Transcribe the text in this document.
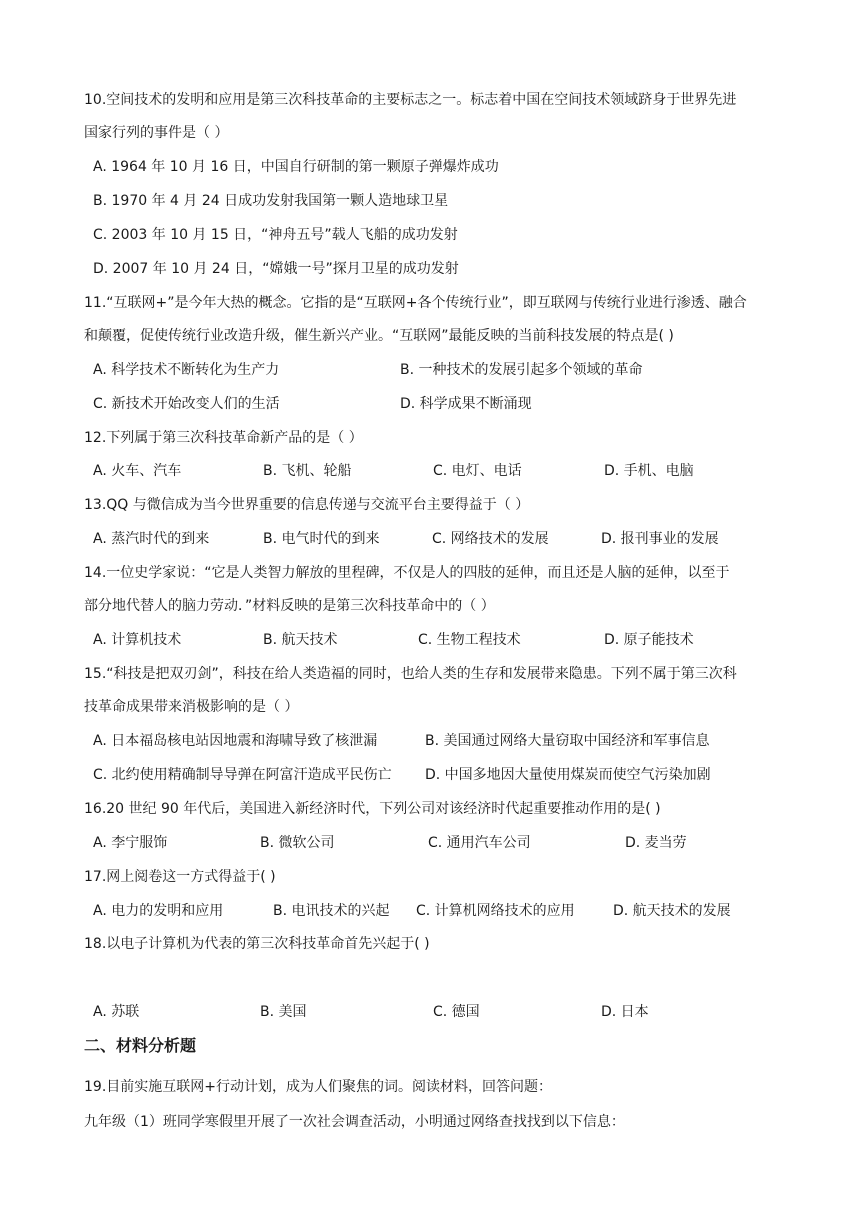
10.空间技术的发明和应用是第三次科技革命的主要标志之一。标志着中国在空间技术领域跻身于世界先进
国家行列的事件是（ ）
A. 1964 年 10 月 16 日，中国自行研制的第一颗原子弹爆炸成功
B. 1970 年 4 月 24 日成功发射我国第一颗人造地球卫星
C. 2003 年 10 月 15 日，“神舟五号”载人飞船的成功发射
D. 2007 年 10 月 24 日，“嫦娥一号”探月卫星的成功发射
11.“互联网+”是今年大热的概念。它指的是“互联网+各个传统行业”，即互联网与传统行业进行渗透、融合
和颠覆，促使传统行业改造升级，催生新兴产业。“互联网”最能反映的当前科技发展的特点是( )
A. 科学技术不断转化为生产力	B. 一种技术的发展引起多个领域的革命
C. 新技术开始改变人们的生活	D. 科学成果不断涌现
12.下列属于第三次科技革命新产品的是（ ）
A. 火车、汽车	B. 飞机、轮船	C. 电灯、电话	D. 手机、电脑
13.QQ 与微信成为当今世界重要的信息传递与交流平台主要得益于（ ）
A. 蒸汽时代的到来	B. 电气时代的到来	C. 网络技术的发展	D. 报刊事业的发展
14.一位史学家说：“它是人类智力解放的里程碑，不仅是人的四肢的延伸，而且还是人脑的延伸，以至于
部分地代替人的脑力劳动．”材料反映的是第三次科技革命中的（ ）
A. 计算机技术	B. 航天技术	C. 生物工程技术	D. 原子能技术
15.“科技是把双刃剑”，科技在给人类造福的同时，也给人类的生存和发展带来隐患。下列不属于第三次科
技革命成果带来消极影响的是（ ）
A. 日本福岛核电站因地震和海啸导致了核泄漏	B. 美国通过网络大量窃取中国经济和军事信息
C. 北约使用精确制导导弹在阿富汗造成平民伤亡 D. 中国多地因大量使用煤炭而使空气污染加剧
16.20 世纪 90 年代后，美国进入新经济时代，下列公司对该经济时代起重要推动作用的是( )
A. 李宁服饰	B. 微软公司	C. 通用汽车公司	D. 麦当劳
17.网上阅卷这一方式得益于( )
A. 电力的发明和应用	B. 电讯技术的兴起 C. 计算机网络技术的应用	D. 航天技术的发展
18.以电子计算机为代表的第三次科技革命首先兴起于( )
A. 苏联	B. 美国	C. 德国	D. 日本
二、材料分析题
19.目前实施互联网+行动计划，成为人们聚焦的词。阅读材料，回答问题：
九年级（1）班同学寒假里开展了一次社会调查活动，小明通过网络查找找到以下信息：
